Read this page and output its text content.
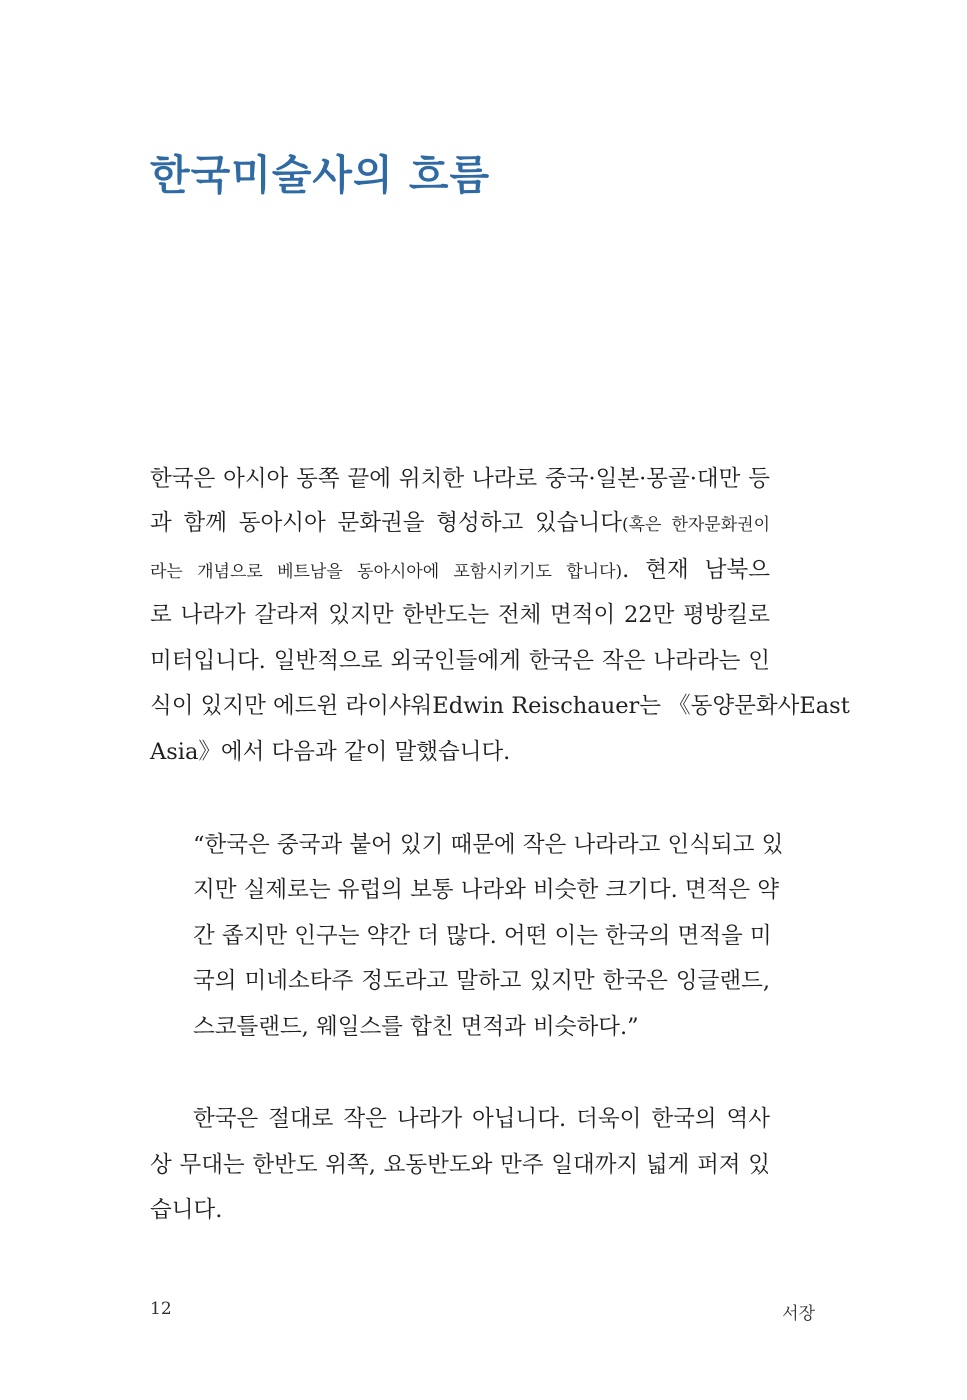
한국미술사의 흐름
한국은 아시아 동쪽 끝에 위치한 나라로 중국·일본·몽골·대만 등
과 함께 동아시아 문화권을 형성하고 있습니다(혹은 한자문화권이
라는 개념으로 베트남을 동아시아에 포함시키기도 합니다). 현재 남북으
로 나라가 갈라져 있지만 한반도는 전체 면적이 22만 평방킬로
미터입니다. 일반적으로 외국인들에게 한국은 작은 나라라는 인
식이 있지만 에드윈 라이샤워Edwin Reischauer는 《동양문화사East
Asia》에서 다음과 같이 말했습니다.
“한국은 중국과 붙어 있기 때문에 작은 나라라고 인식되고 있
지만 실제로는 유럽의 보통 나라와 비슷한 크기다. 면적은 약
간 좁지만 인구는 약간 더 많다. 어떤 이는 한국의 면적을 미
국의 미네소타주 정도라고 말하고 있지만 한국은 잉글랜드,
스코틀랜드, 웨일스를 합친 면적과 비슷하다.”
한국은 절대로 작은 나라가 아닙니다. 더욱이 한국의 역사
상 무대는 한반도 위쪽, 요동반도와 만주 일대까지 넓게 퍼져 있
습니다.
12	서장
